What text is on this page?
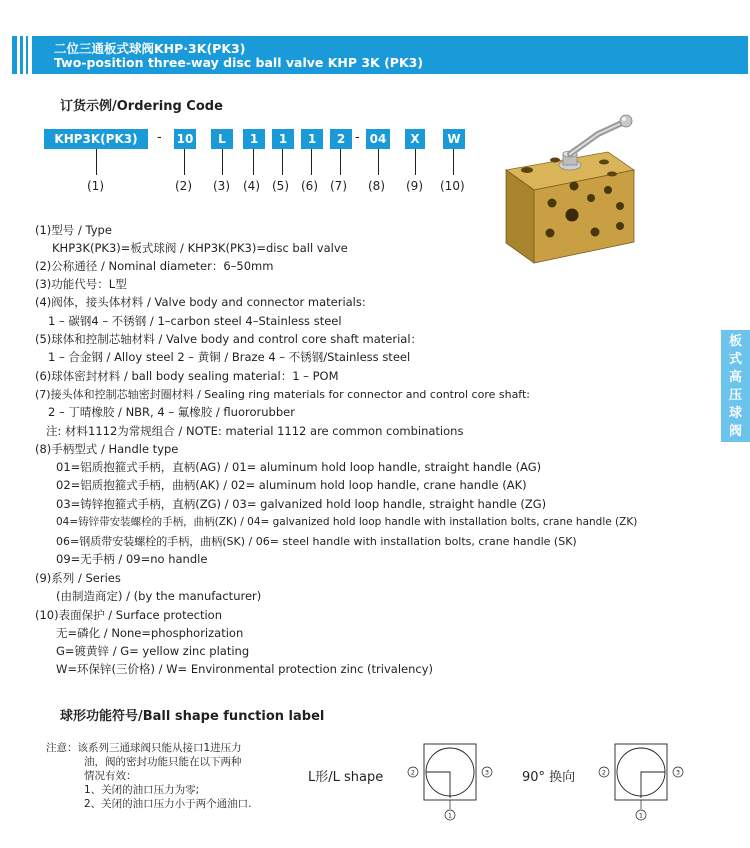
二位三通板式球阀KHP·3K(PK3)
Two-position three-way disc ball valve KHP 3K (PK3)
订货示例/Ordering Code
KHP3K(PK3)	- 10	L	1	1	1	2 - 04	X	W
(1)	(2) (3) (4) (5) (6) (7) (8) (9) (10)
板
式
高
压
球
阀
(1)型号 / Type
KHP3K(PK3)=板式球阀 / KHP3K(PK3)=disc ball valve
(2)公称通径 / Nominal diameter：6–50mm
(3)功能代号：L型
(4)阀体，接头体材料 / Valve body and connector materials:
1 – 碳钢4 – 不锈钢 / 1–carbon steel 4–Stainless steel
(5)球体和控制芯轴材料 / Valve body and control core shaft material：
1 – 合金钢 / Alloy steel 2 – 黄铜 / Braze 4 – 不锈钢/Stainless steel
(6)球体密封材料 / ball body sealing material：1 – POM
(7)接头体和控制芯轴密封圈材料 / Sealing ring materials for connector and control core shaft:
2 – 丁晴橡胶 / NBR, 4 – 氟橡胶 / fluororubber
注: 材料1112为常规组合 / NOTE: material 1112 are common combinations
(8)手柄型式 / Handle type
01=铝质抱箍式手柄，直柄(AG) / 01= aluminum hold loop handle, straight handle (AG)
02=铝质抱箍式手柄，曲柄(AK) / 02= aluminum hold loop handle, crane handle (AK)
03=铸锌抱箍式手柄，直柄(ZG) / 03= galvanized hold loop handle, straight handle (ZG)
04=铸锌带安装螺栓的手柄，曲柄(ZK) / 04= galvanized hold loop handle with installation bolts, crane handle (ZK)
06=钢质带安装螺栓的手柄，曲柄(SK) / 06= steel handle with installation bolts, crane handle (SK)
09=无手柄 / 09=no handle
(9)系列 / Series
(由制造商定) / (by the manufacturer)
(10)表面保护 / Surface protection
无=磷化 / None=phosphorization
G=镀黄锌 / G= yellow zinc plating
W=环保锌(三价格) / W= Environmental protection zinc (trivalency)
球形功能符号/Ball shape function label
注意：该系列三通球阀只能从接口1进压力
油，阀的密封功能只能在以下两种
情况有效：
1、关闭的油口压力为零;
2、关闭的油口压力小于两个通油口.
L形/L shape	90° 换向
2	3
1
2	3
1
